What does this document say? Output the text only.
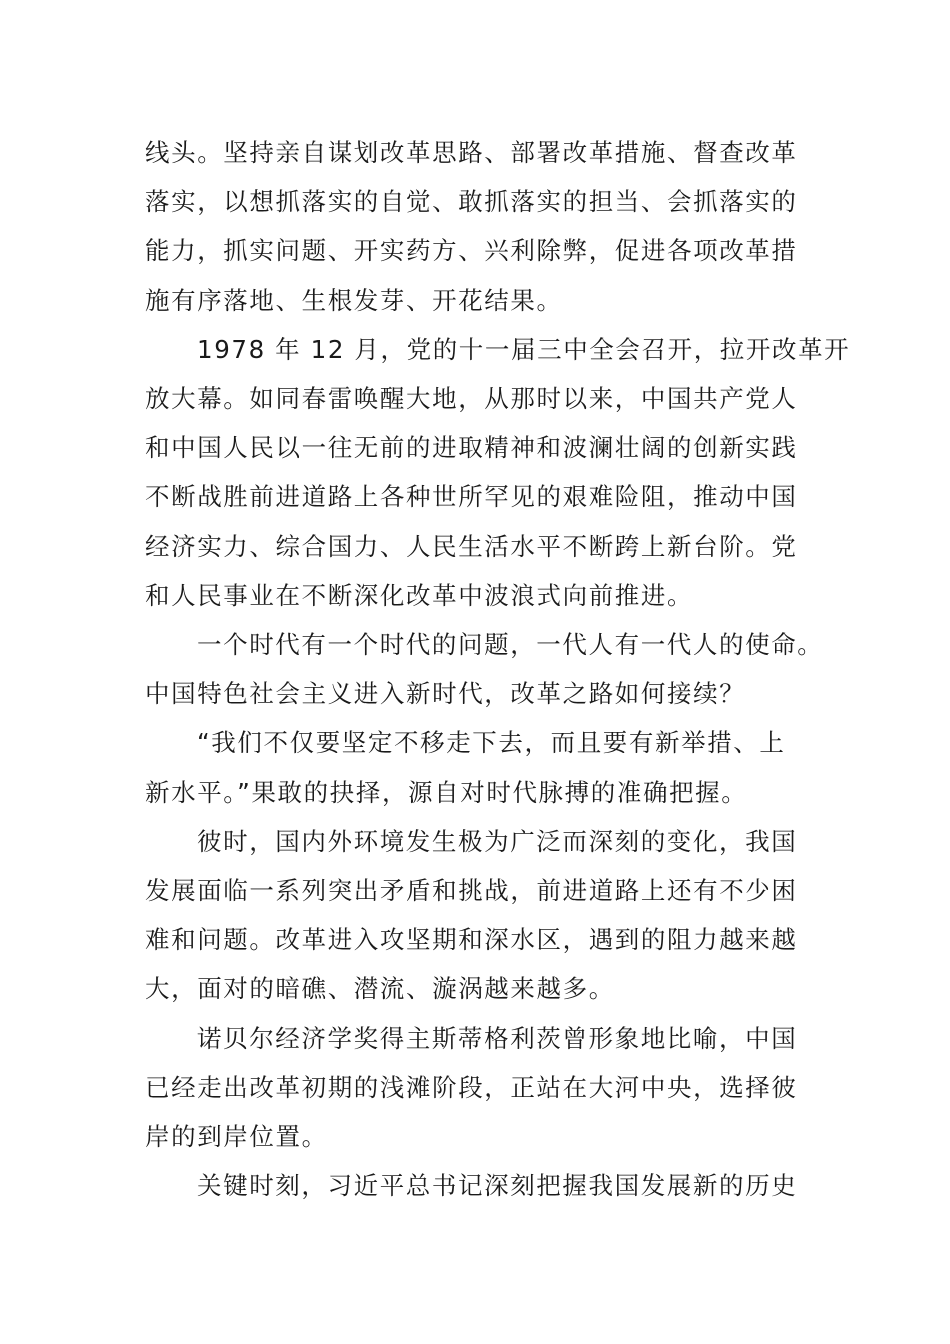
线头。坚持亲自谋划改革思路、部署改革措施、督查改革
落实，以想抓落实的自觉、敢抓落实的担当、会抓落实的
能力，抓实问题、开实药方、兴利除弊，促进各项改革措
施有序落地、生根发芽、开花结果。

1978 年 12 月，党的十一届三中全会召开，拉开改革开
放大幕。如同春雷唤醒大地，从那时以来，中国共产党人
和中国人民以一往无前的进取精神和波澜壮阔的创新实践
不断战胜前进道路上各种世所罕见的艰难险阻，推动中国
经济实力、综合国力、人民生活水平不断跨上新台阶。党
和人民事业在不断深化改革中波浪式向前推进。

一个时代有一个时代的问题，一代人有一代人的使命。
中国特色社会主义进入新时代，改革之路如何接续？

“我们不仅要坚定不移走下去，而且要有新举措、上
新水平。”果敢的抉择，源自对时代脉搏的准确把握。

彼时，国内外环境发生极为广泛而深刻的变化，我国
发展面临一系列突出矛盾和挑战，前进道路上还有不少困
难和问题。改革进入攻坚期和深水区，遇到的阻力越来越
大，面对的暗礁、潜流、漩涡越来越多。

诺贝尔经济学奖得主斯蒂格利茨曾形象地比喻，中国
已经走出改革初期的浅滩阶段，正站在大河中央，选择彼
岸的到岸位置。

关键时刻，习近平总书记深刻把握我国发展新的历史
